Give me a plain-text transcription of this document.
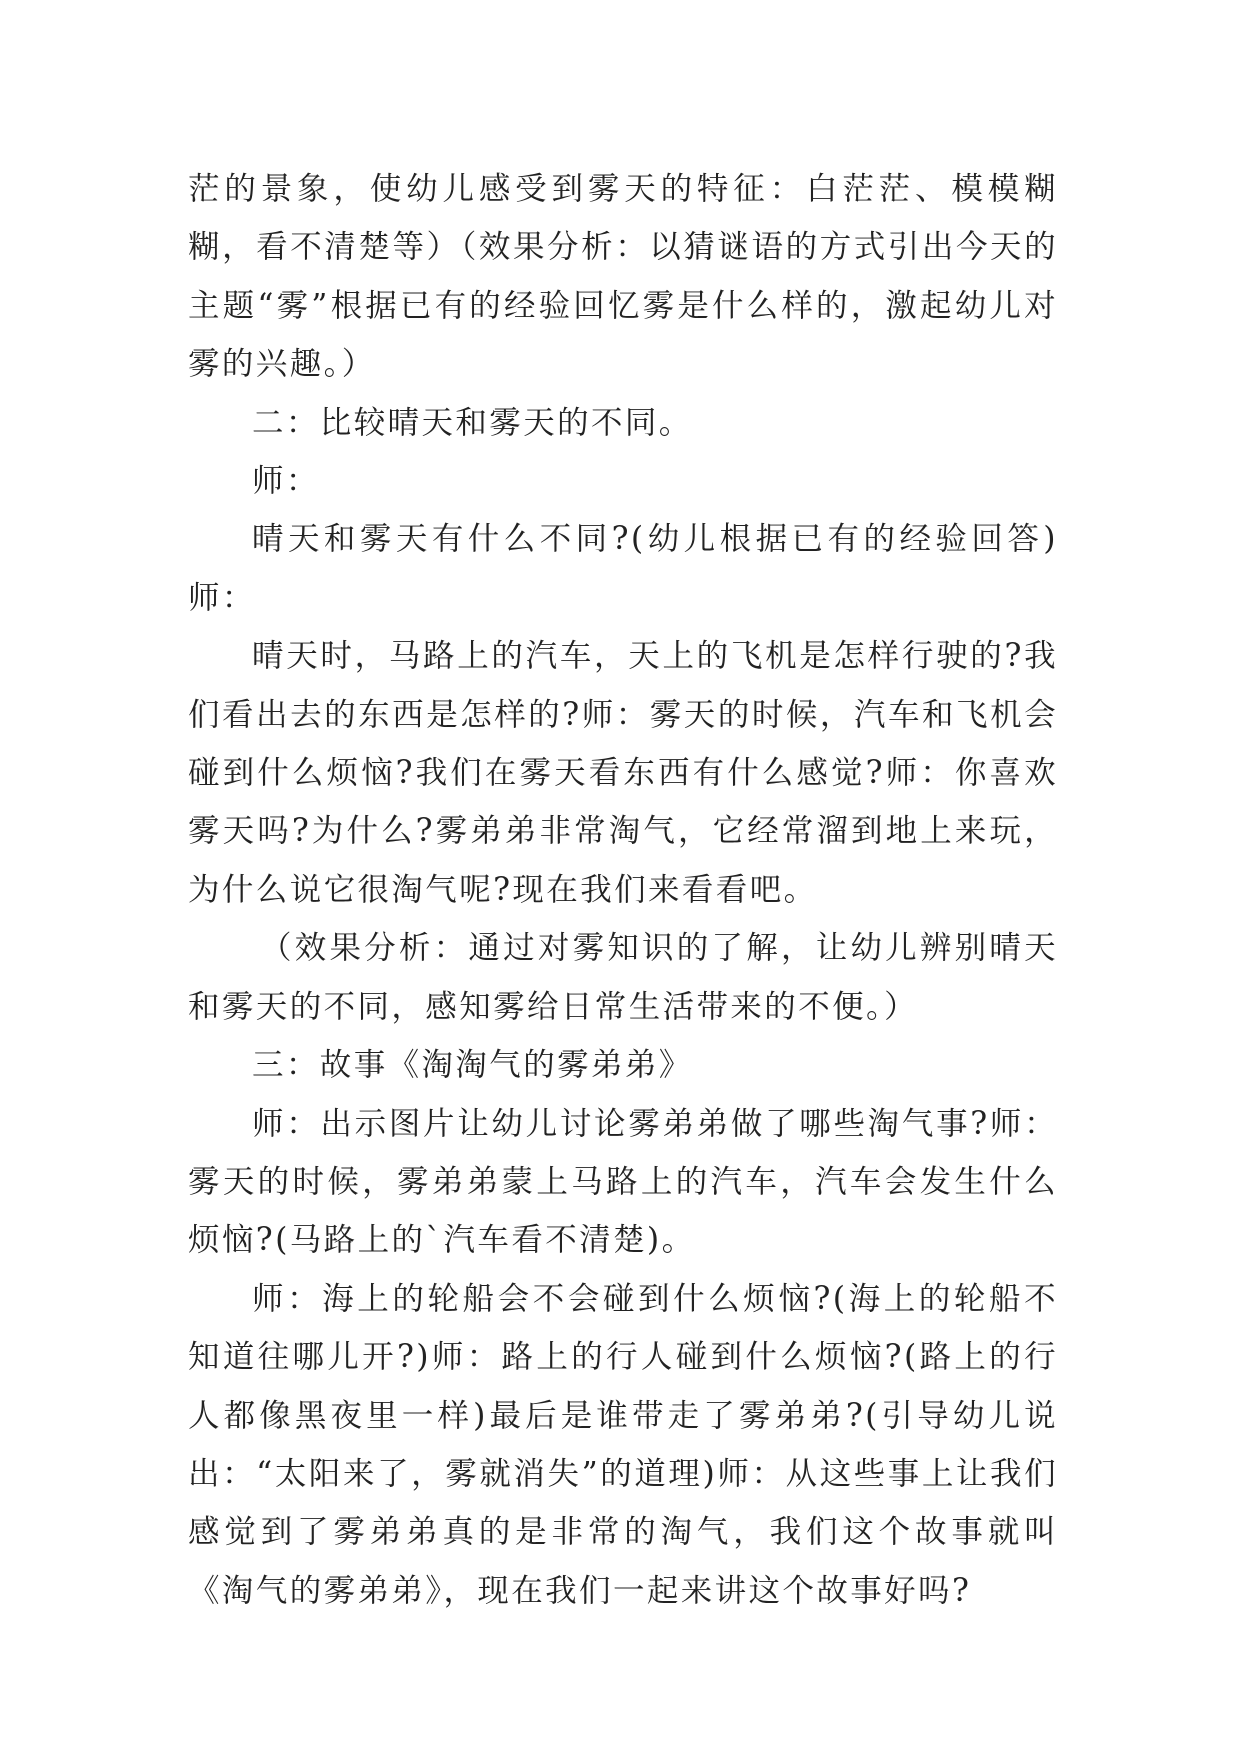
茫的景象，使幼儿感受到雾天的特征：白茫茫、模模糊糊，看不清楚等）（效果分析：以猜谜语的方式引出今天的主题“雾”根据已有的经验回忆雾是什么样的，激起幼儿对雾的兴趣。）

二：比较晴天和雾天的不同。

师：

晴天和雾天有什么不同?(幼儿根据已有的经验回答)师：

晴天时，马路上的汽车，天上的飞机是怎样行驶的?我们看出去的东西是怎样的?师：雾天的时候，汽车和飞机会碰到什么烦恼?我们在雾天看东西有什么感觉?师：你喜欢雾天吗?为什么?雾弟弟非常淘气，它经常溜到地上来玩，为什么说它很淘气呢?现在我们来看看吧。

（效果分析：通过对雾知识的了解，让幼儿辨别晴天和雾天的不同，感知雾给日常生活带来的不便。）

三：故事《淘淘气的雾弟弟》

师：出示图片让幼儿讨论雾弟弟做了哪些淘气事?师：雾天的时候，雾弟弟蒙上马路上的汽车，汽车会发生什么烦恼?(马路上的`汽车看不清楚)。

师：海上的轮船会不会碰到什么烦恼?(海上的轮船不知道往哪儿开?)师：路上的行人碰到什么烦恼?(路上的行人都像黑夜里一样)最后是谁带走了雾弟弟?(引导幼儿说出：“太阳来了，雾就消失”的道理)师：从这些事上让我们感觉到了雾弟弟真的是非常的淘气，我们这个故事就叫《淘气的雾弟弟》，现在我们一起来讲这个故事好吗?
